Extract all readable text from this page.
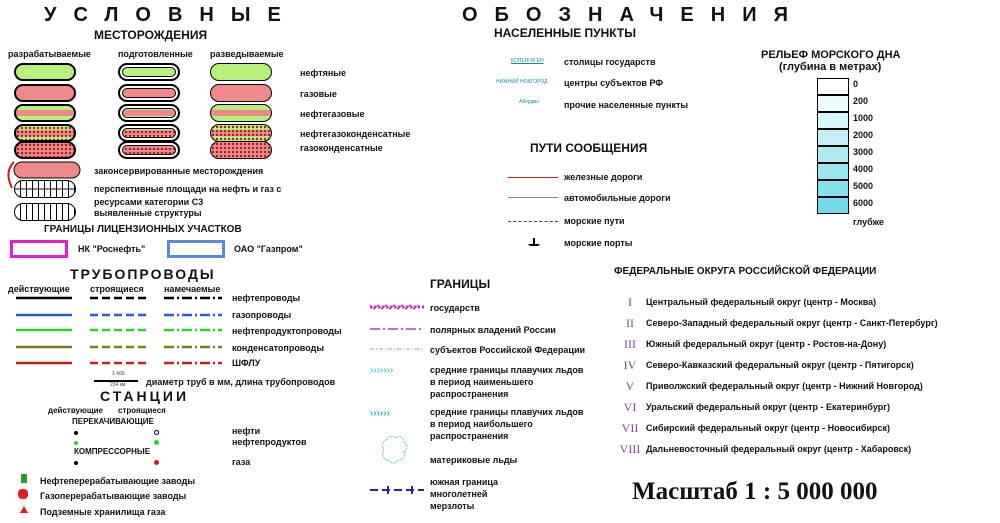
УСЛОВНЫЕ	ОБОЗНАЧЕНИЯ
МЕСТОРОЖДЕНИЯ
разрабатываемые	подготовленные разведываемые
нефтяные
газовые
нефтегазовые
нефтегазоконденсатные
газоконденсатные
законсервированные месторождения
перспективные площади на нефть и газ с ресурсами категории С3
выявленные структуры
ГРАНИЦЫ ЛИЦЕНЗИОННЫХ УЧАСТКОВ
НК "Роснефть"	ОАО "Газпром"
ТРУБОПРОВОДЫ
действующие строящиеся намечаемые
нефтепроводы
газопроводы
нефтепродуктопроводы
конденсатопроводы
ШФЛУ
1 400
234 км диаметр труб в мм, длина трубопроводов
СТАНЦИИ
действующие строящиеся
ПЕРЕКАЧИВАЮЩИЕ
КОМПРЕССОРНЫЕ
нефти
нефтепродуктов
газа
Нефтеперерабатывающие заводы
Газоперерабатывающие заводы
Подземные хранилища газа
НАСЕЛЕННЫЕ ПУНКТЫ
КОПЕНГАГЕН
НИЖНИЙ НОВГОРОД
Абердин
столицы государств
центры субъектов РФ
прочие населенные пункты
ПУТИ СООБЩЕНИЯ
железные дороги
автомобильные дороги
морские пути
морские порты
ГРАНИЦЫ
›››››››
››››››
государств
полярных владений России
субъектов Российской Федерации
средние границы плавучих льдов в период наименьшего распространения
средние границы плавучих льдов в период наибольшего распространения
материковые льды
южная граница многолетней мерзлоты
РЕЛЬЕФ МОРСКОГО ДНА
(глубина в метрах)
0
200
1000
2000
3000
4000
5000
6000
глубже
ФЕДЕРАЛЬНЫЕ ОКРУГА РОССИЙСКОЙ ФЕДЕРАЦИИ
I	Центральный федеральный округ (центр - Москва)
II	Северо-Западный федеральный округ (центр - Санкт-Петербург)
III	Южный федеральный округ (центр - Ростов-на-Дону)
IV	Северо-Кавказский федеральный округ (центр - Пятигорск)
V	Приволжский федеральный округ (центр - Нижний Новгород)
VI	Уральский федеральный округ (центр - Екатеринбург)
VII Сибирский федеральный округ (центр - Новосибирск)
VIII Дальневосточный федеральный округ (центр - Хабаровск)
Масштаб 1 : 5 000 000
